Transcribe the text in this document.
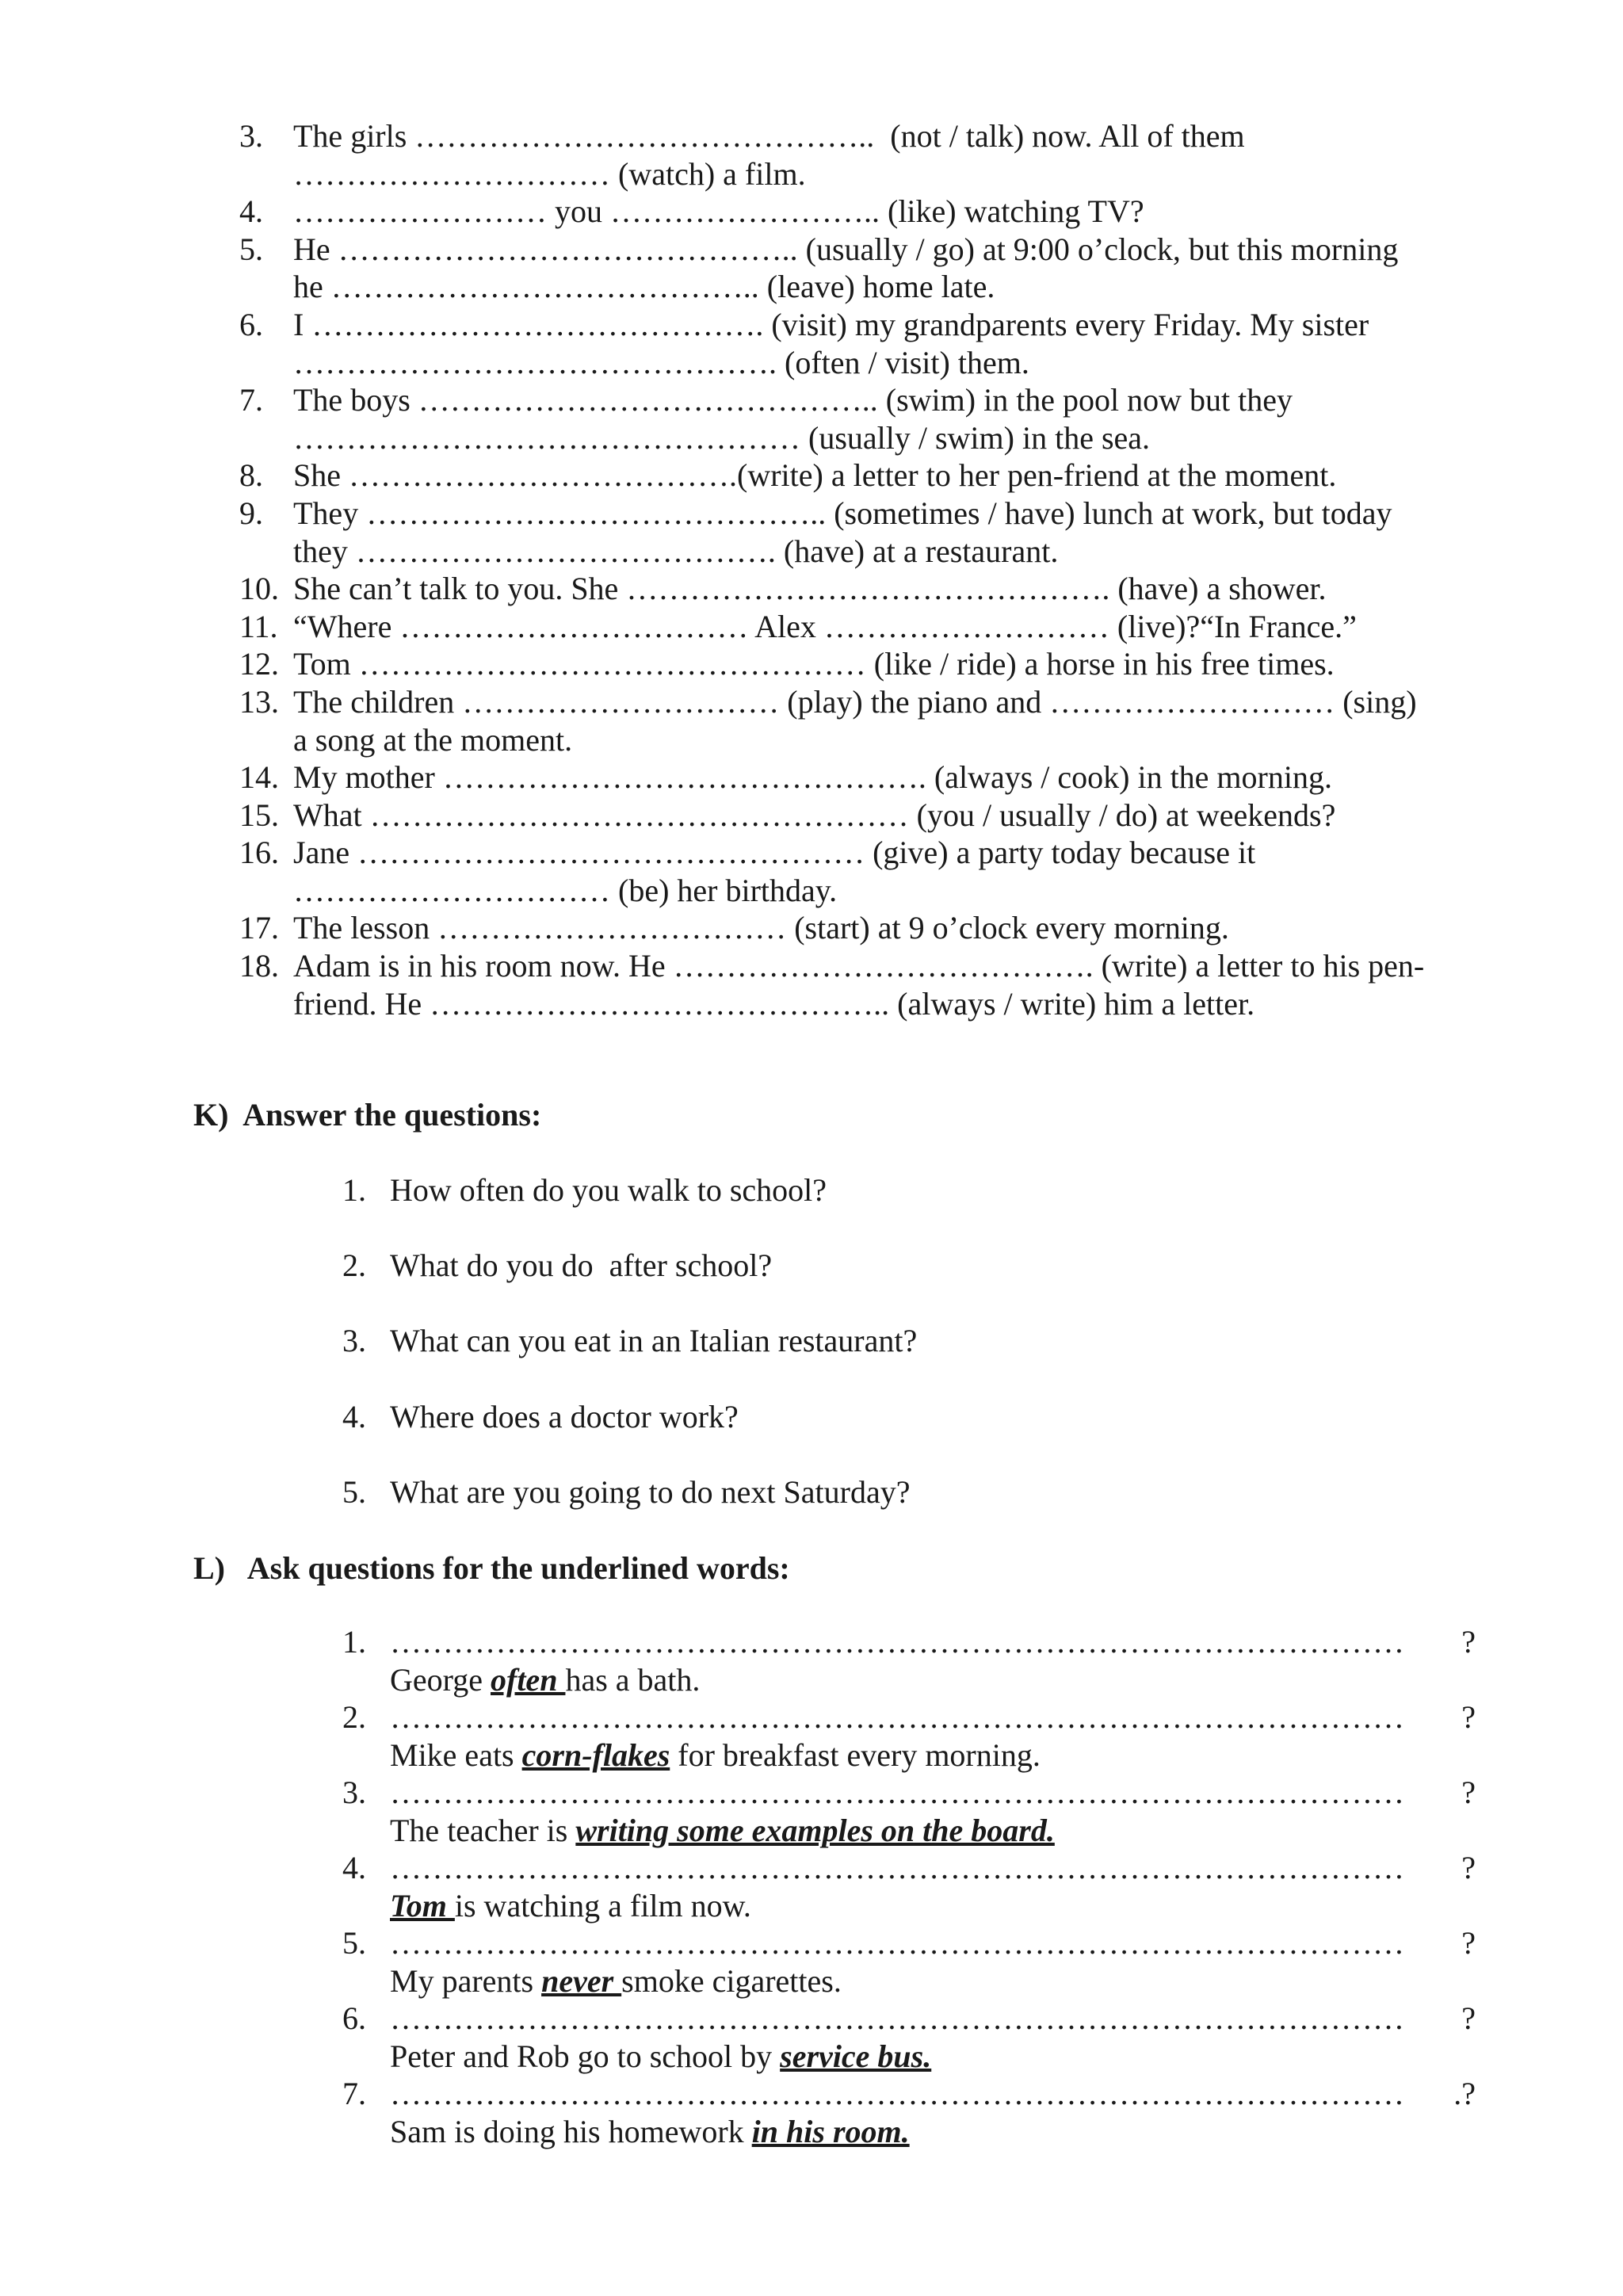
3. The girls ……………………………………..  (not / talk) now. All of them
………………………… (watch) a film.
4. …………………… you …………………….. (like) watching TV?
5. He …………………………………….. (usually / go) at 9:00 o’clock, but this morning
he ………………………………….. (leave) home late.
6. I ……………………………………. (visit) my grandparents every Friday. My sister
………………………………………. (often / visit) them.
7. The boys …………………………………….. (swim) in the pool now but they
………………………………………… (usually / swim) in the sea.
8. She ……………………………….(write) a letter to her pen-friend at the moment.
9. They …………………………………….. (sometimes / have) lunch at work, but today
they …………………………………. (have) at a restaurant.
10. She can’t talk to you. She ………………………………………. (have) a shower.
11. “Where …………………………… Alex ……………………… (live)?“In France.”
12. Tom ………………………………………… (like / ride) a horse in his free times.
13. The children ………………………… (play) the piano and ……………………… (sing)
a song at the moment.
14. My mother ………………………………………. (always / cook) in the morning.
15. What …………………………………………… (you / usually / do) at weekends?
16. Jane ………………………………………… (give) a party today because it
………………………… (be) her birthday.
17. The lesson …………………………… (start) at 9 o’clock every morning.
18. Adam is in his room now. He …………………………………. (write) a letter to his pen-
friend. He …………………………………….. (always / write) him a letter.
K)  Answer the questions:
1. How often do you walk to school?
2. What do you do  after school?
3. What can you eat in an Italian restaurant?
4. Where does a doctor work?
5. What are you going to do next Saturday?
L)   Ask questions for the underlined words:
1. ……………………………………………………………………………………	?
George often has a bath.
2. ……………………………………………………………………………………	?
Mike eats corn-flakes for breakfast every morning.
3. ……………………………………………………………………………………	?
The teacher is writing some examples on the board.
4. ……………………………………………………………………………………	?
Tom is watching a film now.
5. ……………………………………………………………………………………	?
My parents never smoke cigarettes.
6. ……………………………………………………………………………………	?
Peter and Rob go to school by service bus.
7. ……………………………………………………………………………………	.?
Sam is doing his homework in his room.
